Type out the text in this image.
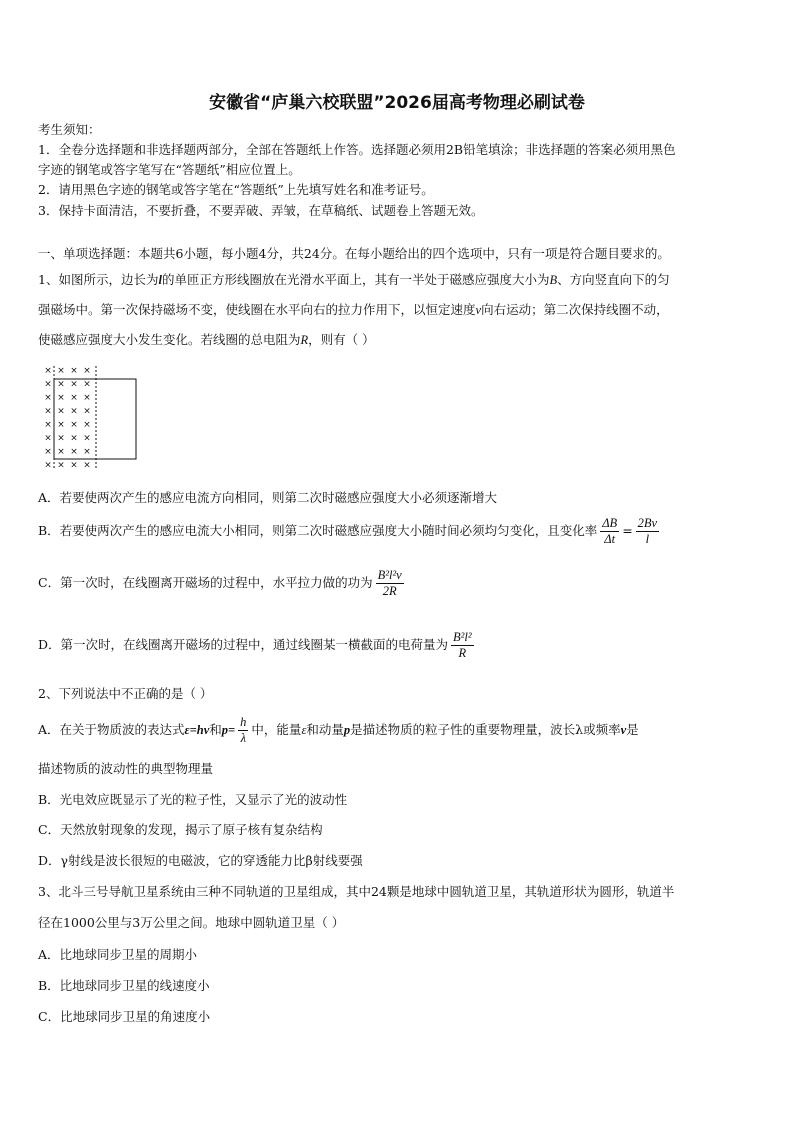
安徽省“庐巢六校联盟”2026届高考物理必刷试卷
考生须知：
1．全卷分选择题和非选择题两部分，全部在答题纸上作答。选择题必须用2B铅笔填涂；非选择题的答案必须用黑色
字迹的钢笔或答字笔写在“答题纸”相应位置上。
2．请用黑色字迹的钢笔或答字笔在“答题纸”上先填写姓名和准考证号。
3．保持卡面清洁，不要折叠，不要弄破、弄皱，在草稿纸、试题卷上答题无效。
一、单项选择题：本题共6小题，每小题4分，共24分。在每小题给出的四个选项中，只有一项是符合题目要求的。
1、如图所示，边长为l的单匝正方形线圈放在光滑水平面上，其有一半处于磁感应强度大小为B、方向竖直向下的匀
强磁场中。第一次保持磁场不变，使线圈在水平向右的拉力作用下，以恒定速度v向右运动；第二次保持线圈不动，
使磁感应强度大小发生变化。若线圈的总电阻为R，则有（ ）
× × × ×
× × × ×
× × × ×
× × × ×
× × × ×
× × × ×
× × × ×
× × × ×
A．若要使两次产生的感应电流方向相同，则第二次时磁感应强度大小必须逐渐增大
B．若要使两次产生的感应电流大小相同，则第二次时磁感应强度大小随时间必须均匀变化，且变化率 $\frac{\Delta B}{\Delta t} = \frac{2Bv}{l}$
C．第一次时，在线圈离开磁场的过程中，水平拉力做的功为 $\frac{\text{B²l²v}}{2R}$
D．第一次时，在线圈离开磁场的过程中，通过线圈某一横截面的电荷量为 $\frac{\text{B²l²}}{R}$
2、下列说法中不正确的是（ ）
A．在关于物质波的表达式ε=hν和$p= \frac{h}{\lambda}$ 中，能量ε和动量p是描述物质的粒子性的重要物理量，波长λ或频率ν是
描述物质的波动性的典型物理量
B．光电效应既显示了光的粒子性，又显示了光的波动性
C．天然放射现象的发现，揭示了原子核有复杂结构
D．γ射线是波长很短的电磁波，它的穿透能力比β射线要强
3、北斗三号导航卫星系统由三种不同轨道的卫星组成，其中24颗是地球中圆轨道卫星，其轨道形状为圆形，轨道半
径在1000公里与3万公里之间。地球中圆轨道卫星（ ）
A．比地球同步卫星的周期小
B．比地球同步卫星的线速度小
C．比地球同步卫星的角速度小
